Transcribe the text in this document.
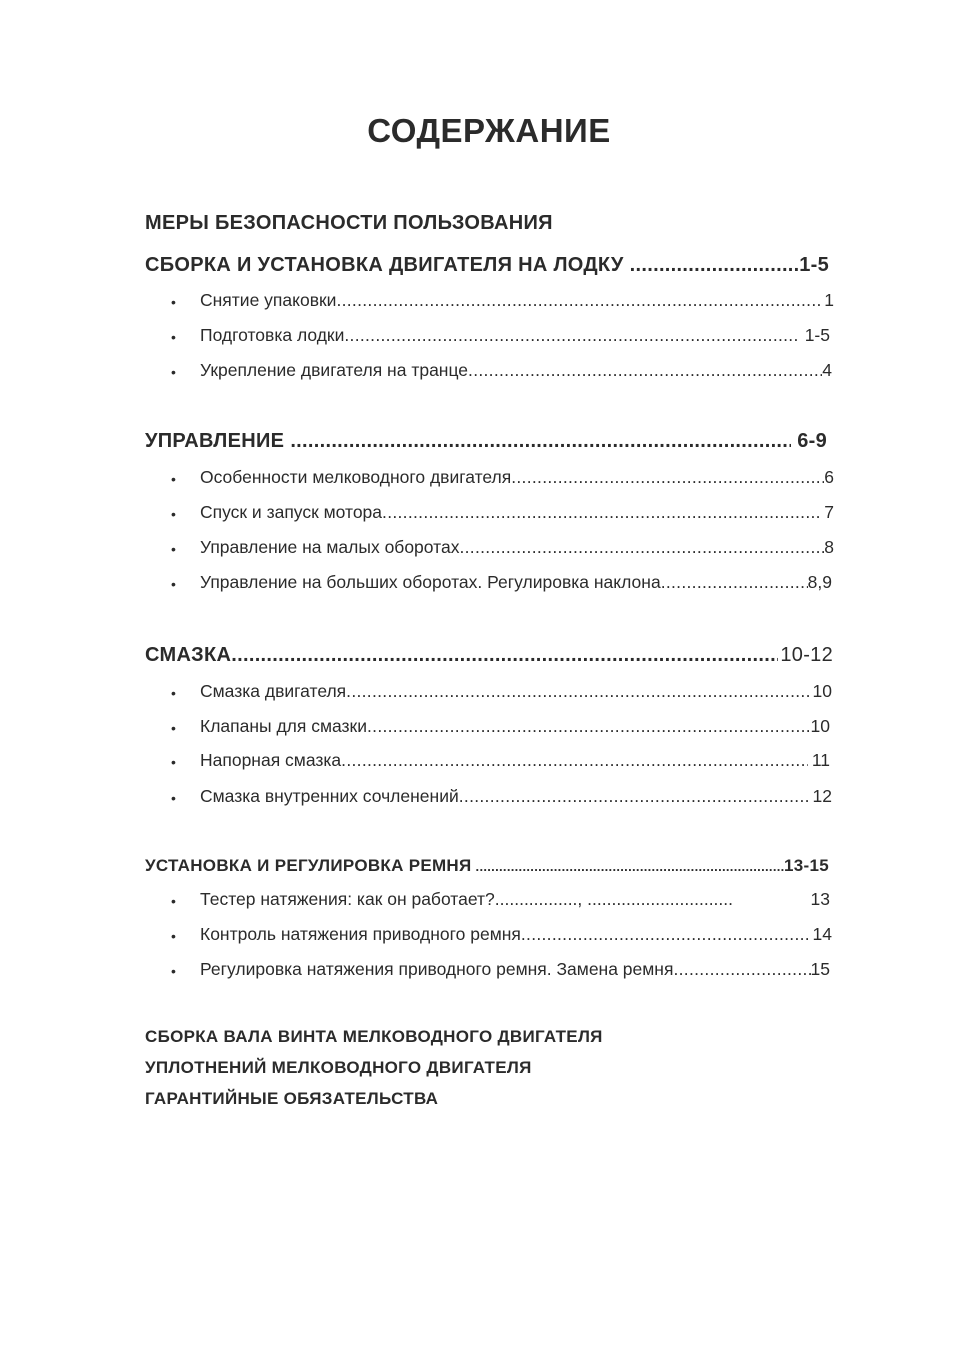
СОДЕРЖАНИЕ
МЕРЫ БЕЗОПАСНОСТИ ПОЛЬЗОВАНИЯ
СБОРКА И УСТАНОВКА ДВИГАТЕЛЯ НА ЛОДКУ .....	1-5
• Снятие упаковки .....	1
• Подготовка лодки .....	1-5
• Укрепление двигателя на транце .....	4
УПРАВЛЕНИЕ .....	6-9
• Особенности мелководного двигателя .....	6
• Спуск и запуск мотора .....	7
• Управление на малых оборотах .....	8
• Управление на больших оборотах. Регулировка наклона .....	8,9
СМАЗКА .....	10-12
• Смазка двигателя .....	10
• Клапаны для смазки .....	10
• Напорная смазка .....	11
• Смазка внутренних сочленений .....	12
УСТАНОВКА И РЕГУЛИРОВКА РЕМНЯ .....	13-15
• Тестер натяжения: как он работает? ................., ..............................	13
• Контроль натяжения приводного ремня .....	14
• Регулировка натяжения приводного ремня. Замена ремня .....	15
СБОРКА ВАЛА ВИНТА МЕЛКОВОДНОГО ДВИГАТЕЛЯ
УПЛОТНЕНИЙ МЕЛКОВОДНОГО ДВИГАТЕЛЯ
ГАРАНТИЙНЫЕ ОБЯЗАТЕЛЬСТВА
